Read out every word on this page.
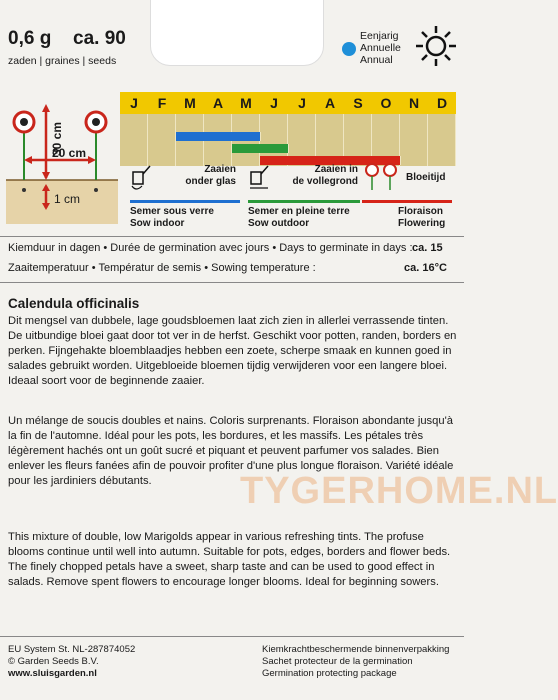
0,6 g ca. 90
zaden | graines | seeds
Eenjarig
Annuelle
Annual
30 cm
20 cm
1 cm
J	F	M	A	M	J	J	A	S	O	N	D
Zaaien
onder glas
Semer sous verre
Sow indoor
Zaaien in
de vollegrond
Semer en pleine terre
Sow outdoor
Bloeitijd
Floraison
Flowering
Kiemduur in dagen • Durée de germination avec jours • Days to germinate in days : ca. 15
Zaaitemperatuur • Températur de semis • Sowing temperature :	ca. 16°C
Calendula officinalis
Dit mengsel van dubbele, lage goudsbloemen laat zich zien in allerlei verrassende tinten. De uitbundige bloei gaat door tot ver in de herfst. Geschikt voor potten, randen, borders en perken. Fijngehakte bloemblaadjes hebben een zoete, scherpe smaak en kunnen goed in salades gebruikt worden. Uitgebloeide bloemen tijdig verwijderen voor een langere bloei. Ideaal soort voor de beginnende zaaier.
Un mélange de soucis doubles et nains. Coloris surprenants. Floraison abondante jusqu'à la fin de l'automne. Idéal pour les pots, les bordures, et les massifs. Les pétales très légèrement hachés ont un goût sucré et piquant et peuvent parfumer vos salades. Bien enlever les fleurs fanées afin de pouvoir profiter d'une plus longue floraison. Variété idéale pour les jardiniers débutants.
This mixture of double, low Marigolds appear in various refreshing tints. The profuse blooms continue until well into autumn. Suitable for pots, edges, borders and flower beds. The finely chopped petals have a sweet, sharp taste and can be used to good effect in salads. Remove spent flowers to encourage longer blooms. Ideal for beginning sowers.
TYGERHOME.NL
EU System St. NL-287874052
© Garden Seeds B.V.
www.sluisgarden.nl
Kiemkrachtbeschermende binnenverpakking
Sachet protecteur de la germination
Germination protecting package
